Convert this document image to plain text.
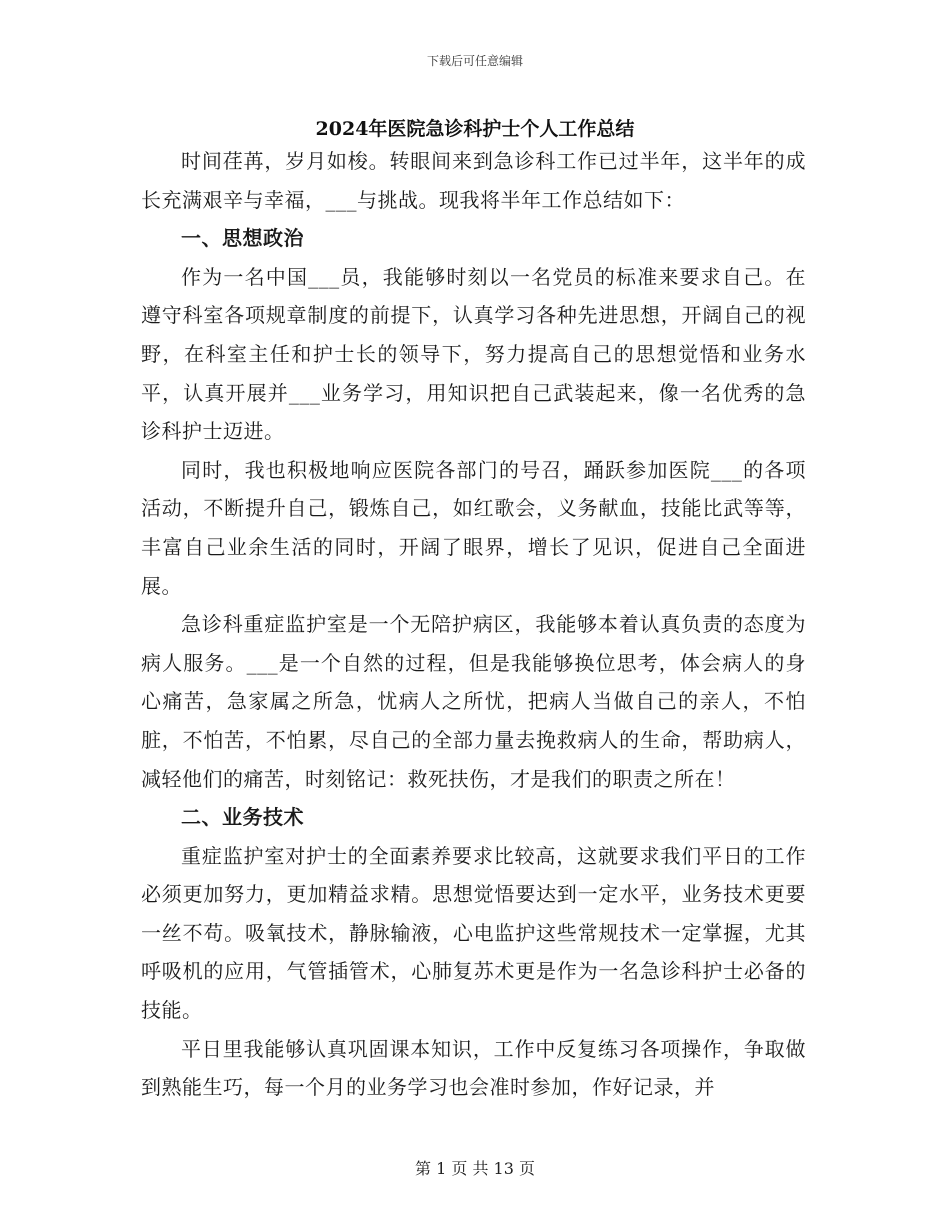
下载后可任意编辑
2024年医院急诊科护士个人工作总结

时间荏苒，岁月如梭。转眼间来到急诊科工作已过半年，这半年的成长充满艰辛与幸福，___与挑战。现我将半年工作总结如下：

一、思想政治

作为一名中国___员，我能够时刻以一名党员的标准来要求自己。在遵守科室各项规章制度的前提下，认真学习各种先进思想，开阔自己的视野，在科室主任和护士长的领导下，努力提高自己的思想觉悟和业务水平，认真开展并___业务学习，用知识把自己武装起来，像一名优秀的急诊科护士迈进。

同时，我也积极地响应医院各部门的号召，踊跃参加医院___的各项活动，不断提升自己，锻炼自己，如红歌会，义务献血，技能比武等等，丰富自己业余生活的同时，开阔了眼界，增长了见识，促进自己全面进展。

急诊科重症监护室是一个无陪护病区，我能够本着认真负责的态度为病人服务。___是一个自然的过程，但是我能够换位思考，体会病人的身心痛苦，急家属之所急，忧病人之所忧，把病人当做自己的亲人，不怕脏，不怕苦，不怕累，尽自己的全部力量去挽救病人的生命，帮助病人，减轻他们的痛苦，时刻铭记：救死扶伤，才是我们的职责之所在！

二、业务技术

重症监护室对护士的全面素养要求比较高，这就要求我们平日的工作必须更加努力，更加精益求精。思想觉悟要达到一定水平，业务技术更要一丝不苟。吸氧技术，静脉输液，心电监护这些常规技术一定掌握，尤其呼吸机的应用，气管插管术，心肺复苏术更是作为一名急诊科护士必备的技能。

平日里我能够认真巩固课本知识，工作中反复练习各项操作，争取做到熟能生巧，每一个月的业务学习也会准时参加，作好记录，并

第 1 页 共 13 页
